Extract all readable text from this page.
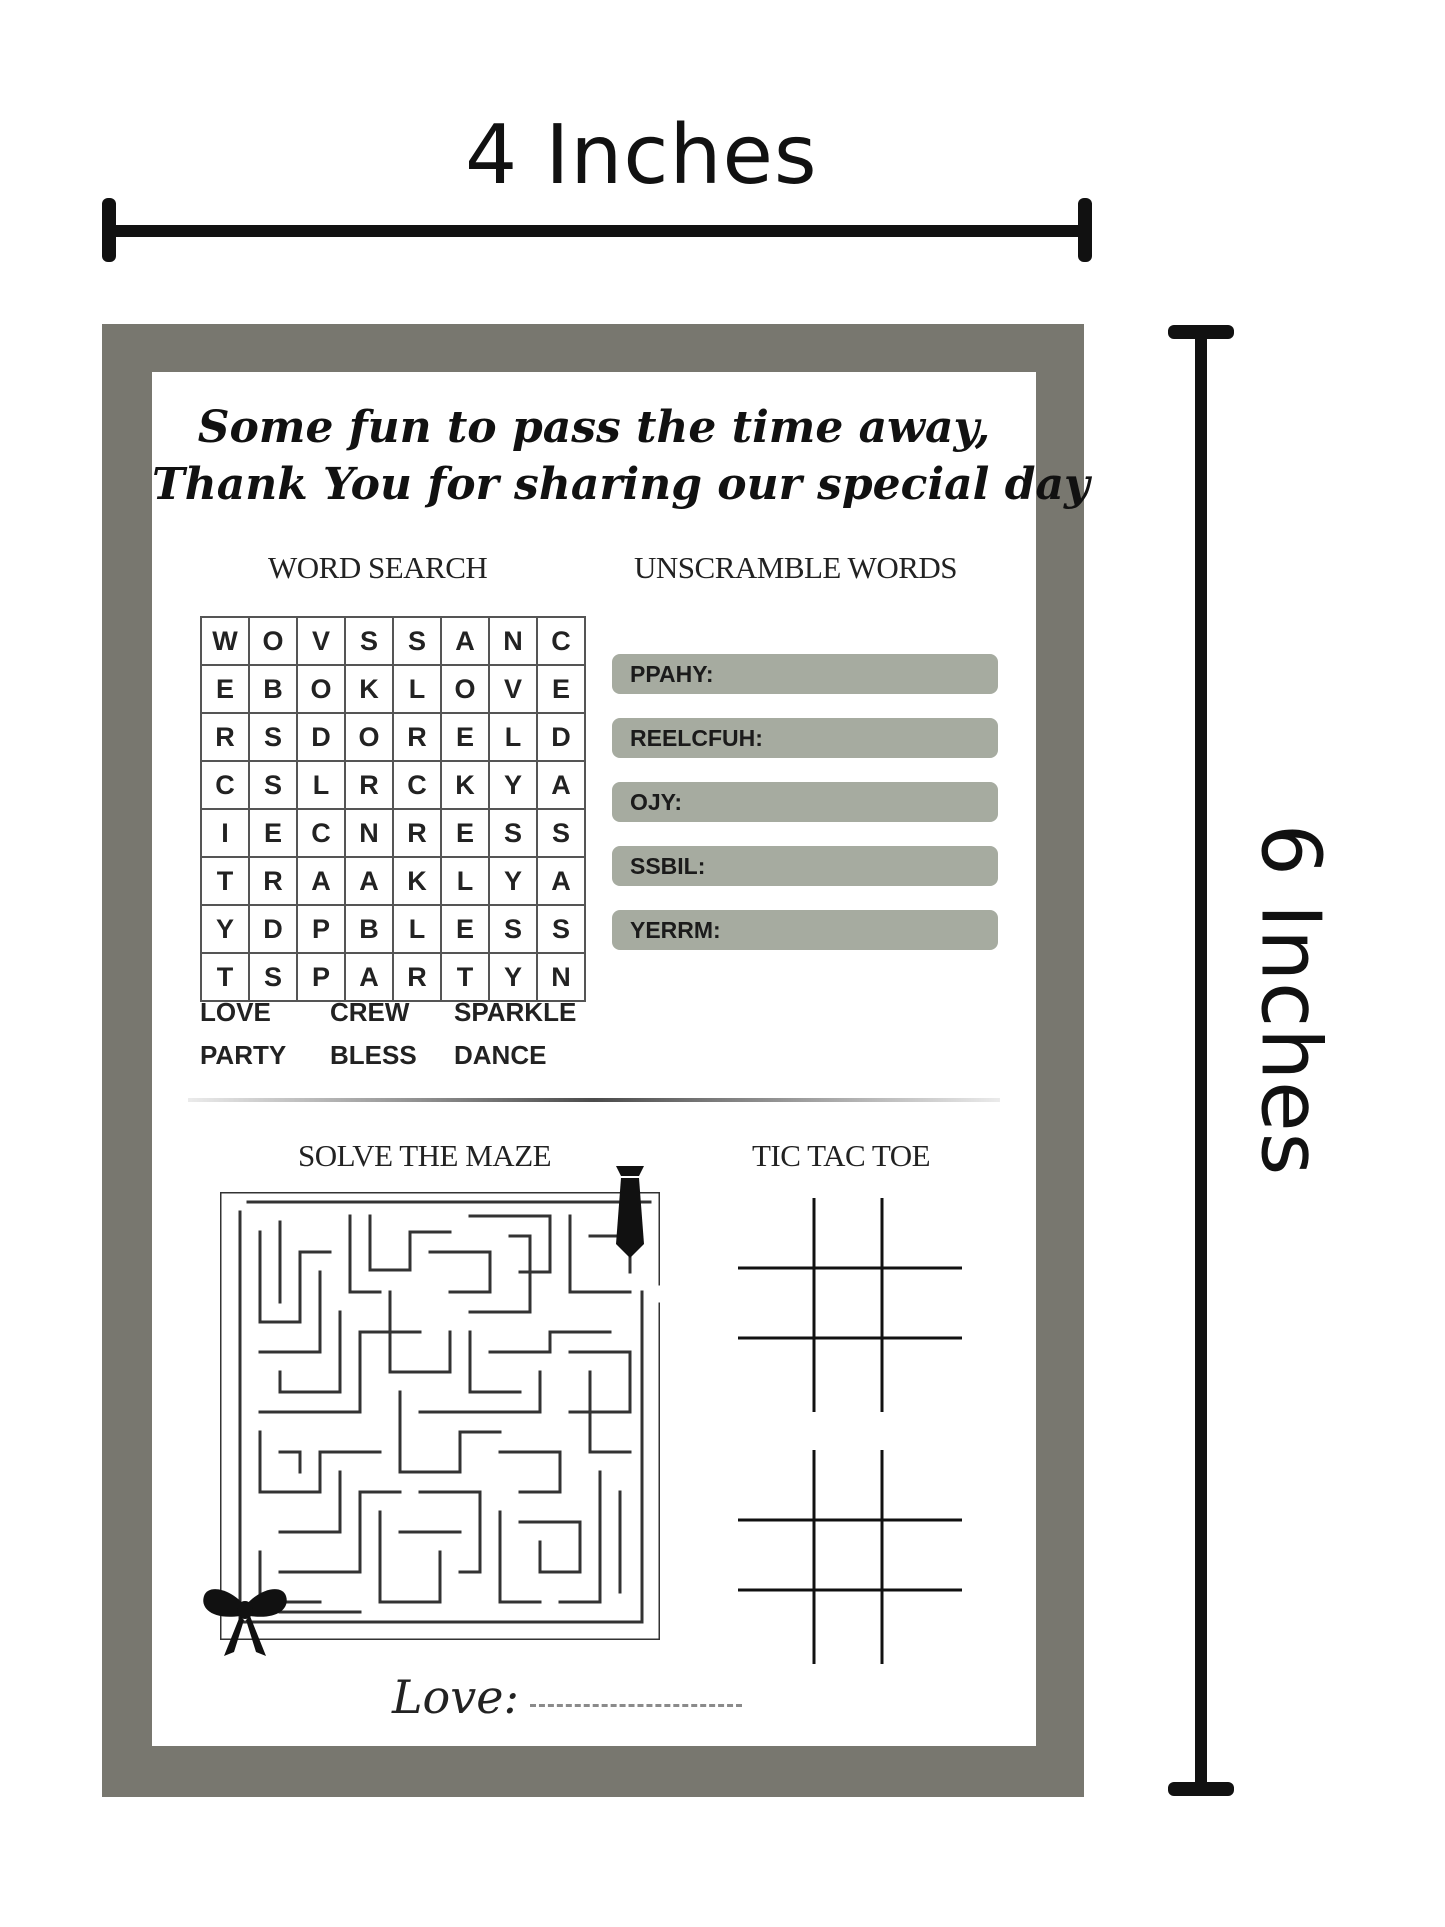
4 Inches
6 Inches
Some fun to pass the time away,
Thank You for sharing our special day
WORD SEARCH	UNSCRAMBLE WORDS
W	O	V	S	S	A	N	C
E	B	O	K	L	O	V	E
R	S	D	O	R	E	L	D
C	S	L	R	C	K	Y	A
I	E	C	N	R	E	S	S
T	R	A	A	K	L	Y	A
Y	D	P	B	L	E	S	S
T	S	P	A	R	T	Y	N
LOVE	CREW	SPARKLE
PARTY	BLESS	DANCE
PPAHY:
REELCFUH:
OJY:
SSBIL:
YERRM:
SOLVE THE MAZE	TIC TAC TOE
Love:
